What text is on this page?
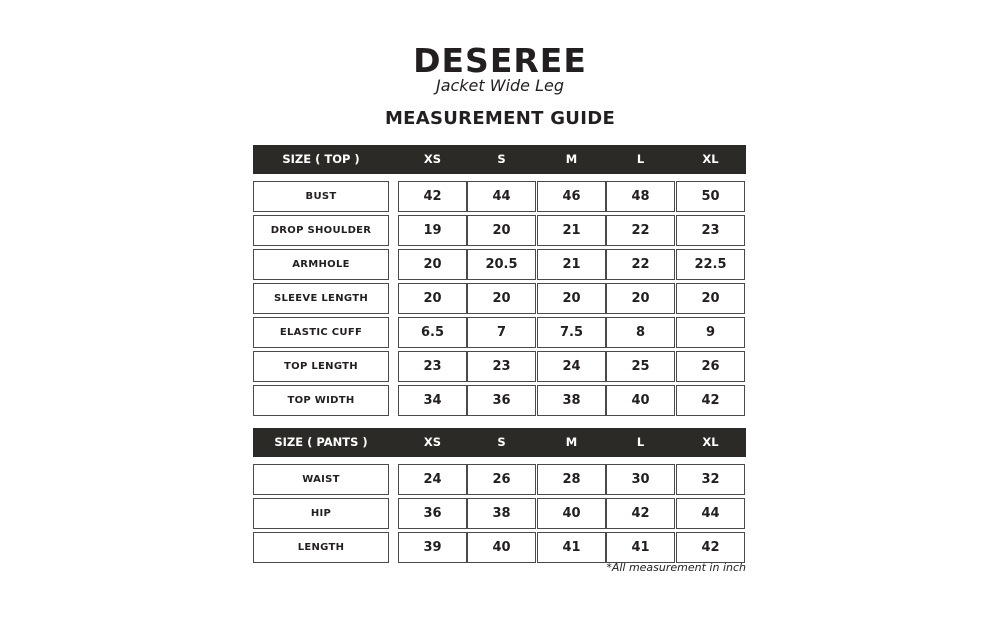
DESEREE
Jacket Wide Leg
MEASUREMENT GUIDE
SIZE ( TOP )	XS	S	M	L	XL
BUST	42	44	46	48	50
DROP SHOULDER	19	20	21	22	23
ARMHOLE	20	20.5	21	22	22.5
SLEEVE LENGTH	20	20	20	20	20
ELASTIC CUFF	6.5	7	7.5	8	9
TOP LENGTH	23	23	24	25	26
TOP WIDTH	34	36	38	40	42
SIZE ( PANTS )	XS	S	M	L	XL
WAIST	24	26	28	30	32
HIP	36	38	40	42	44
LENGTH	39	40	41	41	42
*All measurement in inch
